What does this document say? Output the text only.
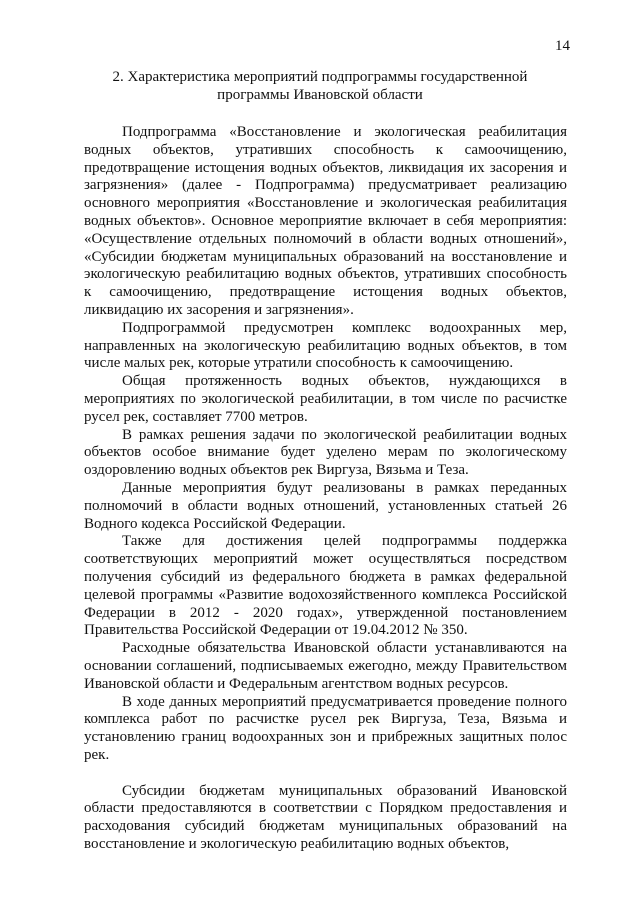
14
2. Характеристика мероприятий подпрограммы государственной программы Ивановской области

Подпрограмма «Восстановление и экологическая реабилитация водных объектов, утративших способность к самоочищению, предотвращение истощения водных объектов, ликвидация их засорения и загрязнения» (далее - Подпрограмма) предусматривает реализацию основного мероприятия «Восстановление и экологическая реабилитация водных объектов». Основное мероприятие включает в себя мероприятия: «Осуществление отдельных полномочий в области водных отношений», «Субсидии бюджетам муниципальных образований на восстановление и экологическую реабилитацию водных объектов, утративших способность к самоочищению, предотвращение истощения водных объектов, ликвидацию их засорения и загрязнения».

Подпрограммой предусмотрен комплекс водоохранных мер, направленных на экологическую реабилитацию водных объектов, в том числе малых рек, которые утратили способность к самоочищению.

Общая протяженность водных объектов, нуждающихся в мероприятиях по экологической реабилитации, в том числе по расчистке русел рек, составляет 7700 метров.

В рамках решения задачи по экологической реабилитации водных объектов особое внимание будет уделено мерам по экологическому оздоровлению водных объектов рек Виргуза, Вязьма и Теза.

Данные мероприятия будут реализованы в рамках переданных полномочий в области водных отношений, установленных статьей 26 Водного кодекса Российской Федерации.

Также для достижения целей подпрограммы поддержка соответствующих мероприятий может осуществляться посредством получения субсидий из федерального бюджета в рамках федеральной целевой программы «Развитие водохозяйственного комплекса Российской Федерации в 2012 - 2020 годах», утвержденной постановлением Правительства Российской Федерации от 19.04.2012 № 350.

Расходные обязательства Ивановской области устанавливаются на основании соглашений, подписываемых ежегодно, между Правительством Ивановской области и Федеральным агентством водных ресурсов.

В ходе данных мероприятий предусматривается проведение полного комплекса работ по расчистке русел рек Виргуза, Теза, Вязьма и установлению границ водоохранных зон и прибрежных защитных полос рек.

Субсидии бюджетам муниципальных образований Ивановской области предоставляются в соответствии с Порядком предоставления и расходования субсидий бюджетам муниципальных образований на восстановление и экологическую реабилитацию водных объектов,
